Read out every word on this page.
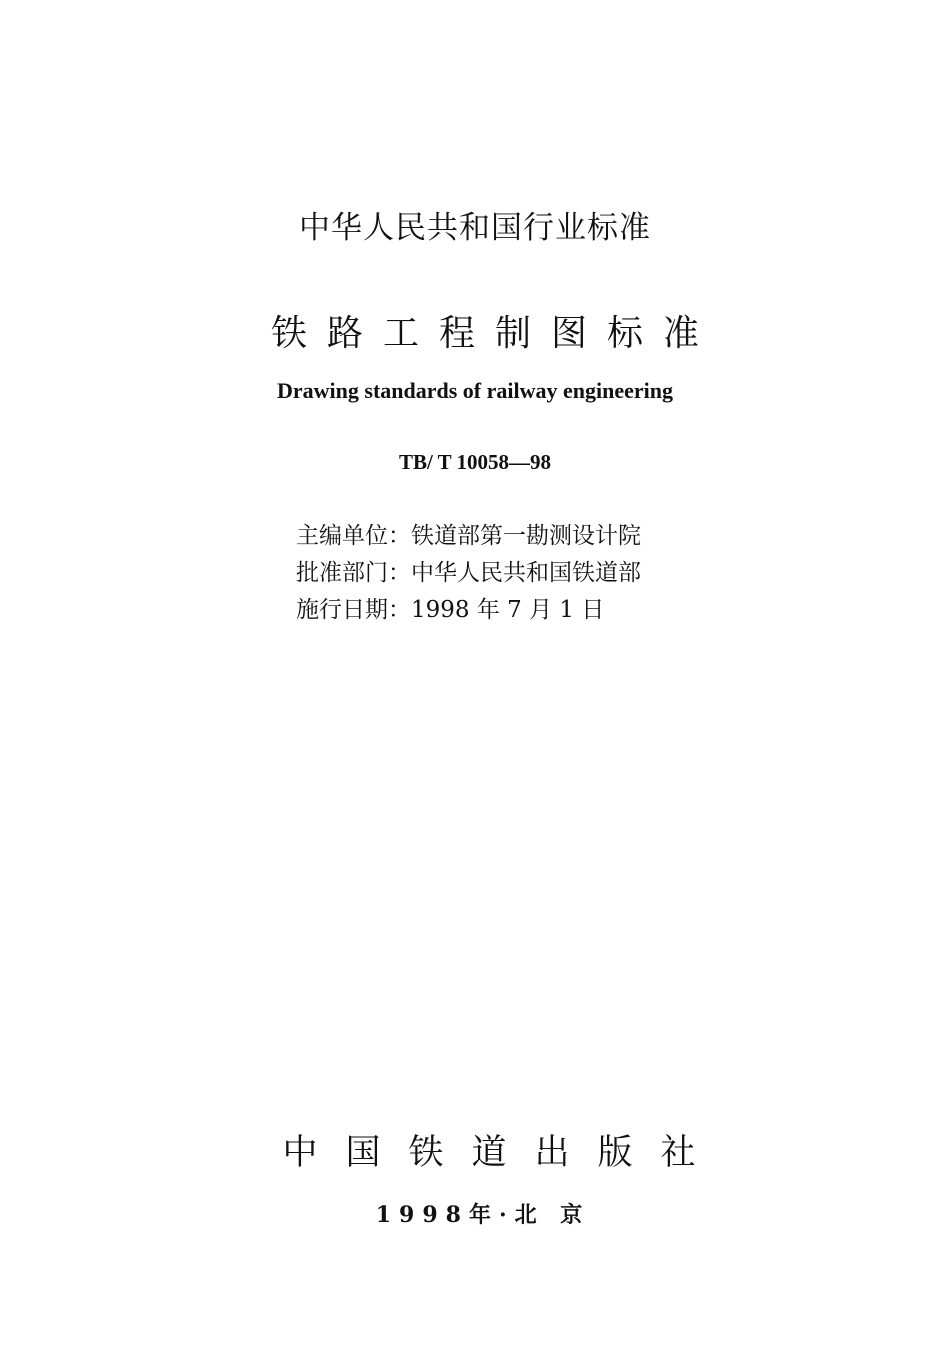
中华人民共和国行业标准
铁路工程制图标准
Drawing standards of railway engineering
TB/ T 10058—98
主编单位：铁道部第一勘测设计院
批准部门：中华人民共和国铁道部
施行日期：1998 年 7 月 1 日
中国铁道出版社
1998年·北 京
